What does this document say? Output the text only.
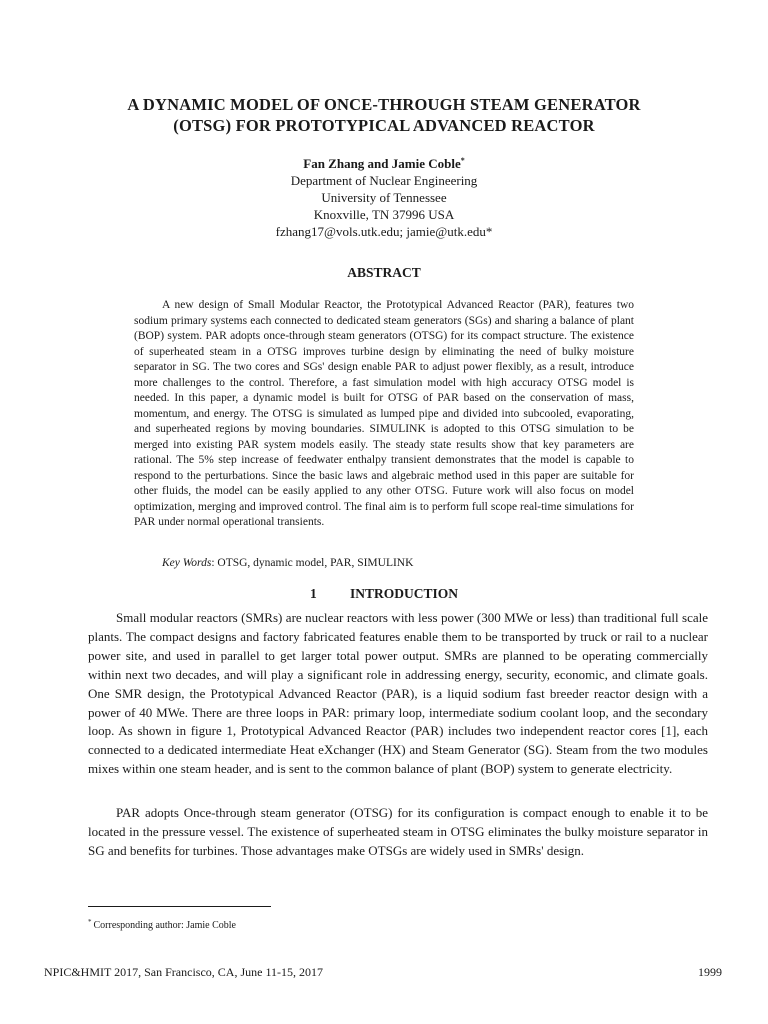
A DYNAMIC MODEL OF ONCE-THROUGH STEAM GENERATOR
(OTSG) FOR PROTOTYPICAL ADVANCED REACTOR
Fan Zhang and Jamie Coble*
Department of Nuclear Engineering
University of Tennessee
Knoxville, TN 37996 USA
fzhang17@vols.utk.edu; jamie@utk.edu*
ABSTRACT
A new design of Small Modular Reactor, the Prototypical Advanced Reactor (PAR), features two sodium primary systems each connected to dedicated steam generators (SGs) and sharing a balance of plant (BOP) system. PAR adopts once-through steam generators (OTSG) for its compact structure. The existence of superheated steam in a OTSG improves turbine design by eliminating the need of bulky moisture separator in SG. The two cores and SGs' design enable PAR to adjust power flexibly, as a result, introduce more challenges to the control. Therefore, a fast simulation model with high accuracy OTSG model is needed. In this paper, a dynamic model is built for OTSG of PAR based on the conservation of mass, momentum, and energy. The OTSG is simulated as lumped pipe and divided into subcooled, evaporating, and superheated regions by moving boundaries. SIMULINK is adopted to this OTSG simulation to be merged into existing PAR system models easily. The steady state results show that key parameters are rational. The 5% step increase of feedwater enthalpy transient demonstrates that the model is capable to respond to the perturbations. Since the basic laws and algebraic method used in this paper are suitable for other fluids, the model can be easily applied to any other OTSG. Future work will also focus on model optimization, merging and improved control. The final aim is to perform full scope real-time simulations for PAR under normal operational transients.
Key Words: OTSG, dynamic model, PAR, SIMULINK
1 INTRODUCTION
Small modular reactors (SMRs) are nuclear reactors with less power (300 MWe or less) than traditional full scale plants. The compact designs and factory fabricated features enable them to be transported by truck or rail to a nuclear power site, and used in parallel to get larger total power output. SMRs are planned to be operating commercially within next two decades, and will play a significant role in addressing energy, security, economic, and climate goals. One SMR design, the Prototypical Advanced Reactor (PAR), is a liquid sodium fast breeder reactor design with a power of 40 MWe. There are three loops in PAR: primary loop, intermediate sodium coolant loop, and the secondary loop. As shown in figure 1, Prototypical Advanced Reactor (PAR) includes two independent reactor cores [1], each connected to a dedicated intermediate Heat eXchanger (HX) and Steam Generator (SG). Steam from the two modules mixes within one steam header, and is sent to the common balance of plant (BOP) system to generate electricity.
PAR adopts Once-through steam generator (OTSG) for its configuration is compact enough to enable it to be located in the pressure vessel. The existence of superheated steam in OTSG eliminates the bulky moisture separator in SG and benefits for turbines. Those advantages make OTSGs are widely used in SMRs' design.
* Corresponding author: Jamie Coble
NPIC&HMIT 2017, San Francisco, CA, June 11-15, 2017	1999
